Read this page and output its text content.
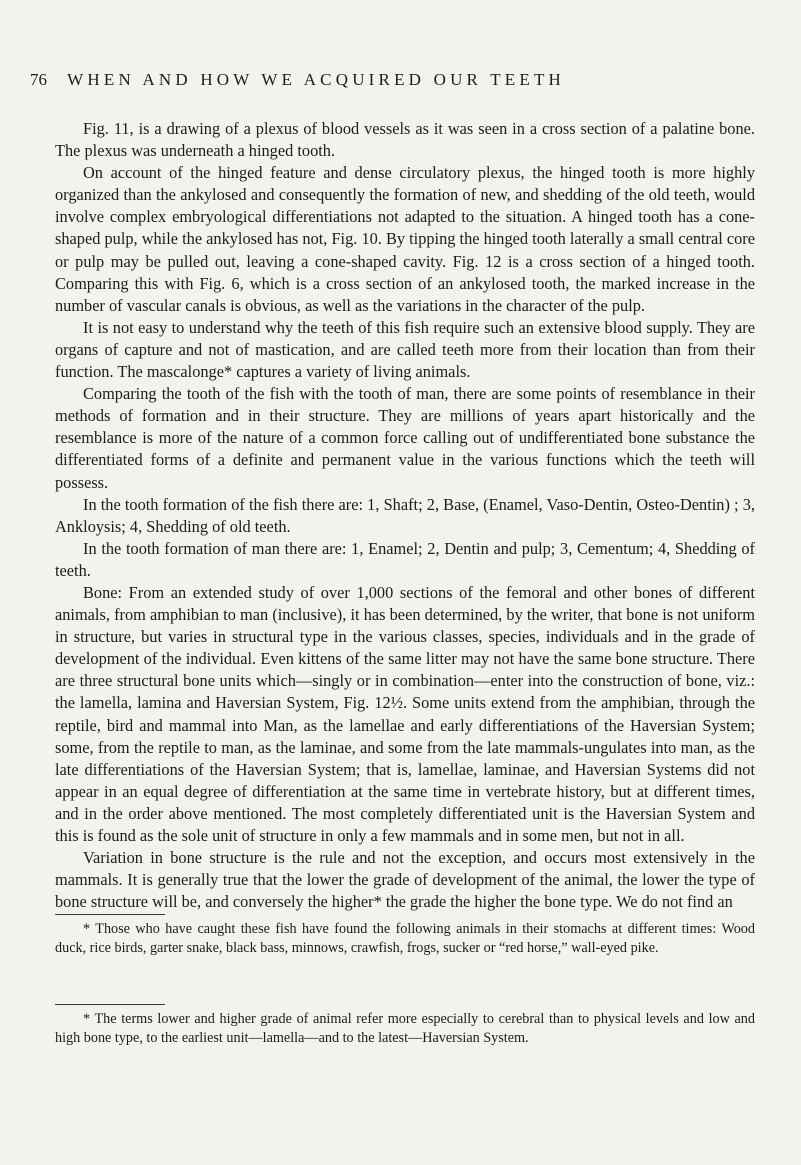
76 WHEN AND HOW WE ACQUIRED OUR TEETH

Fig. 11, is a drawing of a plexus of blood vessels as it was seen in a cross section of a palatine bone. The plexus was underneath a hinged tooth.

On account of the hinged feature and dense circulatory plexus, the hinged tooth is more highly organized than the ankylosed and consequently the formation of new, and shedding of the old teeth, would involve complex embryological differentiations not adapted to the situation. A hinged tooth has a cone-shaped pulp, while the ankylosed has not, Fig. 10. By tipping the hinged tooth laterally a small central core or pulp may be pulled out, leaving a cone-shaped cavity. Fig. 12 is a cross section of a hinged tooth. Comparing this with Fig. 6, which is a cross section of an ankylosed tooth, the marked increase in the number of vascular canals is obvious, as well as the variations in the character of the pulp.

It is not easy to understand why the teeth of this fish require such an extensive blood supply. They are organs of capture and not of mastication, and are called teeth more from their location than from their function. The mascalonge* captures a variety of living animals.

Comparing the tooth of the fish with the tooth of man, there are some points of resemblance in their methods of formation and in their structure. They are millions of years apart historically and the resemblance is more of the nature of a common force calling out of undifferentiated bone substance the differentiated forms of a definite and permanent value in the various functions which the teeth will possess.

In the tooth formation of the fish there are: 1, Shaft; 2, Base, (Enamel, Vaso-Dentin, Osteo-Dentin) ; 3, Ankloysis; 4, Shedding of old teeth.

In the tooth formation of man there are: 1, Enamel; 2, Dentin and pulp; 3, Cementum; 4, Shedding of teeth.

Bone: From an extended study of over 1,000 sections of the femoral and other bones of different animals, from amphibian to man (inclusive), it has been determined, by the writer, that bone is not uniform in structure, but varies in structural type in the various classes, species, individuals and in the grade of development of the individual. Even kittens of the same litter may not have the same bone structure. There are three structural bone units which—singly or in combination—enter into the construction of bone, viz.: the lamella, lamina and Haversian System, Fig. 12½. Some units extend from the amphibian, through the reptile, bird and mammal into Man, as the lamellae and early differentiations of the Haversian System; some, from the reptile to man, as the laminae, and some from the late mammals-ungulates into man, as the late differentiations of the Haversian System; that is, lamellae, laminae, and Haversian Systems did not appear in an equal degree of differentiation at the same time in vertebrate history, but at different times, and in the order above mentioned. The most completely differentiated unit is the Haversian System and this is found as the sole unit of structure in only a few mammals and in some men, but not in all.

Variation in bone structure is the rule and not the exception, and occurs most extensively in the mammals. It is generally true that the lower the grade of development of the animal, the lower the type of bone structure will be, and conversely the higher* the grade the higher the bone type. We do not find an

* Those who have caught these fish have found the following animals in their stomachs at different times: Wood duck, rice birds, garter snake, black bass, minnows, crawfish, frogs, sucker or “red horse,” wall-eyed pike.

* The terms lower and higher grade of animal refer more especially to cerebral than to physical levels and low and high bone type, to the earliest unit—lamella—and to the latest—Haversian System.
